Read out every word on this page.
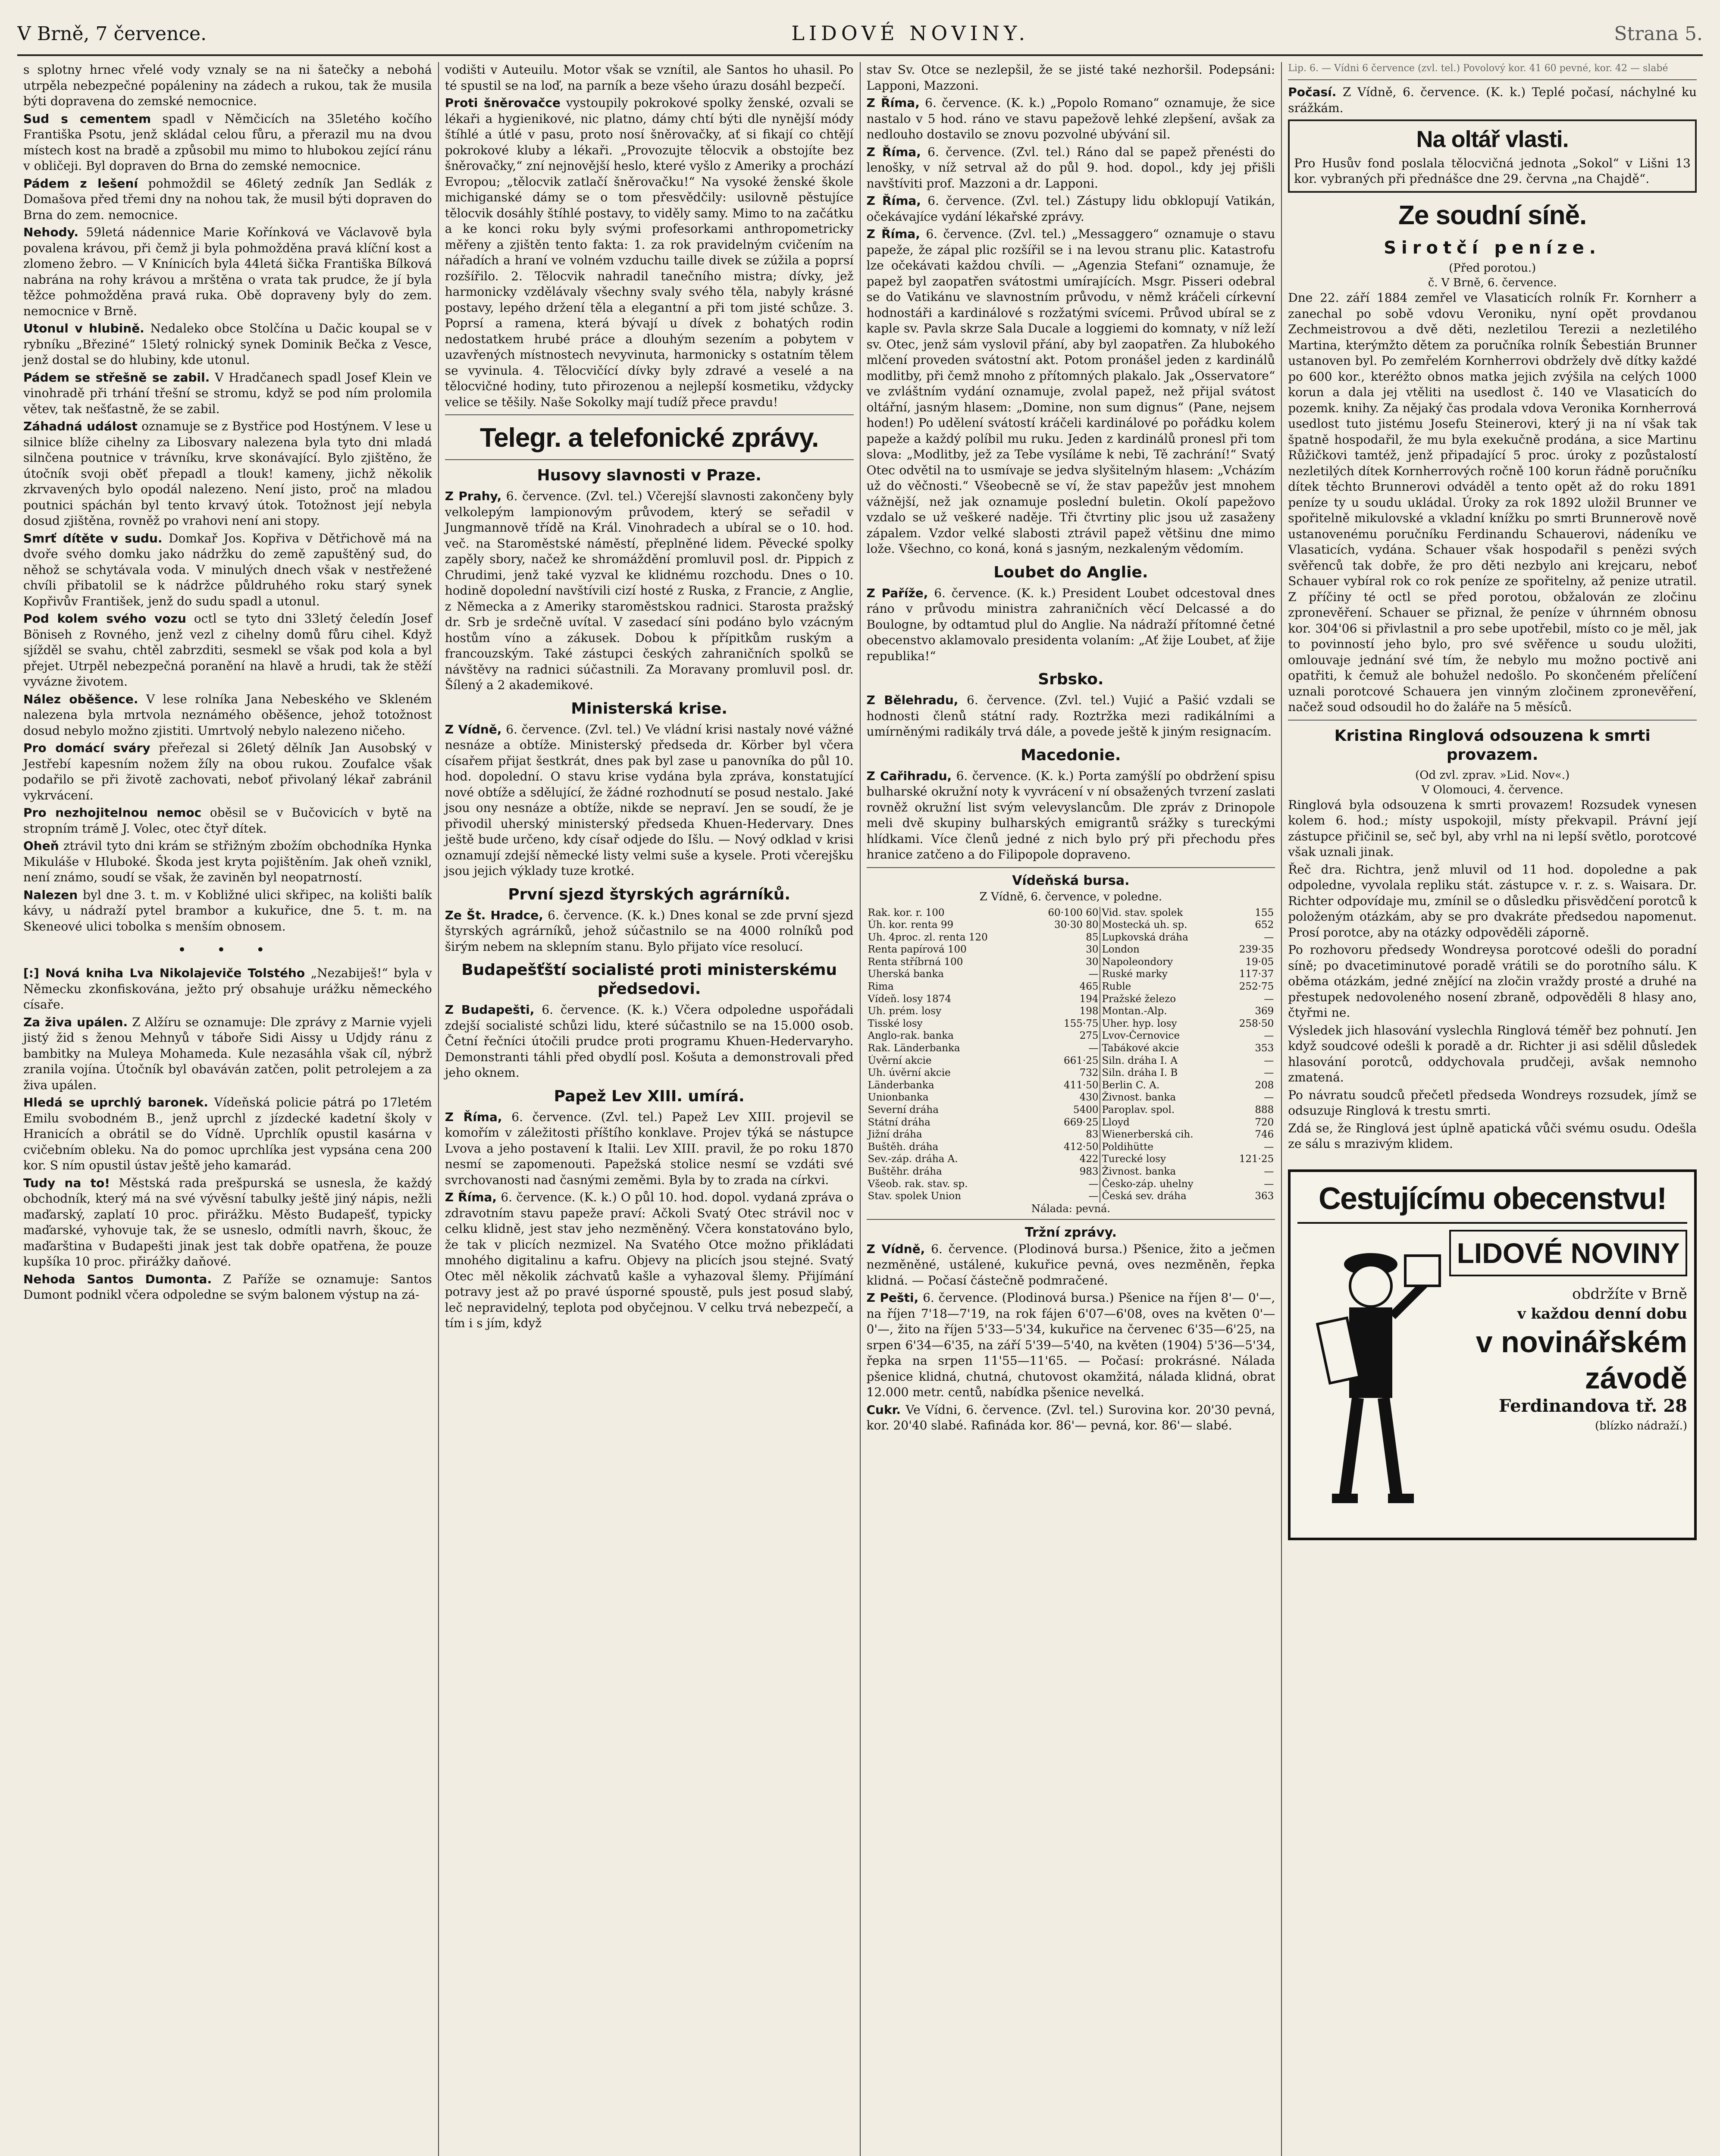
V Brně, 7 července.	LIDOVÉ NOVINY.	Strana 5.

s splotny hrnec vřelé vody vznaly se na ni šatečky a nebohá utrpěla nebezpečné popáleniny na zádech a rukou, tak že musila býti dopravena do zemské nemocnice.

Sud s cementem spadl v Němčicích na 35letého kočího Františka Psotu, jenž skládal celou fůru, a přerazil mu na dvou místech kost na bradě a způsobil mu mimo to hlubokou zející ránu v obličeji. Byl dopraven do Brna do zemské nemocnice.

Pádem z lešení pohmoždil se 46letý zedník Jan Sedlák z Domašova před třemi dny na nohou tak, že musil býti dopraven do Brna do zem. nemocnice.

Nehody. 59letá nádennice Marie Kořínková ve Václavově byla povalena krávou, při čemž ji byla pohmožděna pravá klíční kost a zlomeno žebro. — V Knínicích byla 44letá šička Františka Bílková nabrána na rohy krávou a mrštěna o vrata tak prudce, že jí byla těžce pohmožděna pravá ruka. Obě dopraveny byly do zem. nemocnice v Brně.

Utonul v hlubině. Nedaleko obce Stolčína u Dačic koupal se v rybníku „Březiné“ 15letý rolnický synek Dominik Bečka z Vesce, jenž dostal se do hlubiny, kde utonul.

Pádem se střešně se zabil. V Hradčanech spadl Josef Klein ve vinohradě při trhání třešní se stromu, když se pod ním prolomila větev, tak nešťastně, že se zabil.

Záhadná událost oznamuje se z Bystřice pod Hostýnem. V lese u silnice blíže cihelny za Libosvary nalezena byla tyto dni mladá silnčena poutnice v trávníku, krve skonávající. Bylo zjištěno, že útočník svoji oběť přepadl a tlouk! kameny, jichž několik zkrvavených bylo opodál nalezeno. Není jisto, proč na mladou poutnici spáchán byl tento krvavý útok. Totožnost její nebyla dosud zjištěna, rovněž po vrahovi není ani stopy.

Smrť dítěte v sudu. Domkař Jos. Kopřiva v Dětřichově má na dvoře svého domku jako nádržku do země zapuštěný sud, do něhož se schytávala voda. V minulých dnech však v nestřežené chvíli přibatolil se k nádržce půldruhého roku starý synek Kopřivův František, jenž do sudu spadl a utonul.

Pod kolem svého vozu octl se tyto dni 33letý čeledín Josef Böniseh z Rovného, jenž vezl z cihelny domů fůru cihel. Když sjížděl se svahu, chtěl zabrzditi, sesmekl se však pod kola a byl přejet. Utrpěl nebezpečná poranění na hlavě a hrudi, tak že stěží vyvázne životem.

Nález oběšence. V lese rolníka Jana Nebeského ve Skleném nalezena byla mrtvola neznámého oběšence, jehož totožnost dosud nebylo možno zjistiti. Umrtvolý nebylo nalezeno ničeho.

Pro domácí sváry přeřezal si 26letý dělník Jan Ausobský v Jestřebí kapesním nožem žíly na obou rukou. Zoufalce však podařilo se při životě zachovati, neboť přivolaný lékař zabránil vykrvácení.

Pro nezhojitelnou nemoc oběsil se v Bučovicích v bytě na stropním trámě J. Volec, otec čtyř dítek.

Oheň ztrávil tyto dni krám se střižným zbožím obchodníka Hynka Mikuláše v Hluboké. Škoda jest kryta pojištěním. Jak oheň vznikl, není známo, soudí se však, že zaviněn byl neopatrností.

Nalezen byl dne 3. t. m. v Kobližné ulici skřipec, na kolišti balík kávy, u nádraží pytel brambor a kukuřice, dne 5. t. m. na Skeneové ulici tobolka s menším obnosem.

• • •

[:] Nová kniha Lva Nikolajeviče Tolstého „Nezabiješ!“ byla v Německu zkonfiskována, ježto prý obsahuje urážku německého císaře.

Za živa upálen. Z Alžíru se oznamuje: Dle zprávy z Marnie vyjeli jistý žid s ženou Mehnyů v táboře Sidi Aissy u Udjdy ránu z bambitky na Muleya Mohameda. Kule nezasáhla však cíl, nýbrž zranila vojína. Útočník byl obaváván zatčen, polit petrolejem a za živa upálen.

Hledá se uprchlý baronek. Vídeňská policie pátrá po 17letém Emilu svobodném B., jenž uprchl z jízdecké kadetní školy v Hranicích a obrátil se do Vídně. Uprchlík opustil kasárna v cvičebním obleku. Na do pomoc uprchlíka jest vypsána cena 200 kor. S ním opustil ústav ještě jeho kamarád.

Tudy na to! Městská rada prešpurská se usnesla, že každý obchodník, který má na své vývěsní tabulky ještě jiný nápis, nežli maďarský, zaplatí 10 proc. přirážku. Město Budapešť, typicky maďarské, vyhovuje tak, že se usneslo, odmítli navrh, škouc, že maďarština v Budapešti jinak jest tak dobře opatřena, že pouze kupšíka 10 proc. přirážky daňové.

Nehoda Santos Dumonta. Z Paříže se oznamuje: Santos Dumont podnikl včera odpoledne se svým balonem výstup na zá-

vodišti v Auteuilu. Motor však se vznítil, ale Santos ho uhasil. Po té spustil se na loď, na parník a beze všeho úrazu dosáhl bezpečí.

Proti šněrovačce vystoupily pokrokové spolky ženské, ozvali se lékaři a hygienikové, nic platno, dámy chtí býti dle nynější módy štíhlé a útlé v pasu, proto nosí šněrovačky, ať si fikají co chtějí pokrokové kluby a lékaři. „Provozujte tělocvik a obstojíte bez šněrovačky,“ zní nejnovější heslo, které vyšlo z Ameriky a prochází Evropou; „tělocvik zatlačí šněrovačku!“ Na vysoké ženské škole michiganské dámy se o tom přesvědčily: usilovně pěstujíce tělocvik dosáhly štíhlé postavy, to viděly samy. Mimo to na začátku a ke konci roku byly svými profesorkami anthropometricky měřeny a zjištěn tento fakta: 1. za rok pravidelným cvičením na nářadích a hraní ve volném vzduchu taille divek se zúžila a poprsí rozšířilo. 2. Tělocvik nahradil tanečního mistra; dívky, jež harmonicky vzdělávaly všechny svaly svého těla, nabyly krásné postavy, lepého držení těla a elegantní a při tom jisté schůze. 3. Poprsí a ramena, která bývají u dívek z bohatých rodin nedostatkem hrubé práce a dlouhým sezením a pobytem v uzavřených místnostech nevyvinuta, harmonicky s ostatním tělem se vyvinula. 4. Tělocvičící dívky byly zdravé a veselé a na tělocvičné hodiny, tuto přirozenou a nejlepší kosmetiku, vždycky velice se těšily. Naše Sokolky mají tudíž přece pravdu!

Telegr. a telefonické zprávy.
Husovy slavnosti v Praze.

Z Prahy, 6. července. (Zvl. tel.) Včerejší slavnosti zakončeny byly velkolepým lampionovým průvodem, který se seřadil v Jungmannově třídě na Král. Vinohradech a ubíral se o 10. hod. več. na Staroměstské náměstí, přeplněné lidem. Pěvecké spolky zapěly sbory, načež ke shromáždění promluvil posl. dr. Pippich z Chrudimi, jenž také vyzval ke klidnému rozchodu. Dnes o 10. hodině dopolední navštívili cizí hosté z Ruska, z Francie, z Anglie, z Německa a z Ameriky staroměstskou radnici. Starosta pražský dr. Srb je srdečně uvítal. V zasedací síni podáno bylo vzácným hostům víno a zákusek. Dobou k přípitkům ruským a francouzským. Také zástupci českých zahraničních spolků se návštěvy na radnici súčastnili. Za Moravany promluvil posl. dr. Šílený a 2 akademikové.

Ministerská krise.

Z Vídně, 6. července. (Zvl. tel.) Ve vládní krisi nastaly nové vážné nesnáze a obtíže. Ministerský předseda dr. Körber byl včera císařem přijat šestkrát, dnes pak byl zase u panovníka do půl 10. hod. dopolední. O stavu krise vydána byla zpráva, konstatující nové obtíže a sdělující, že žádné rozhodnutí se posud nestalo. Jaké jsou ony nesnáze a obtíže, nikde se nepraví. Jen se soudí, že je přivodil uherský ministerský předseda Khuen-Hedervary. Dnes ještě bude určeno, kdy císař odjede do Išlu. — Nový odklad v krisi oznamují zdejší německé listy velmi suše a kysele. Proti včerejšku jsou jejich výklady tuze krotké.

První sjezd štyrských agrárníků.

Ze Št. Hradce, 6. července. (K. k.) Dnes konal se zde první sjezd štyrských agrárníků, jehož súčastnilo se na 4000 rolníků pod širým nebem na sklepním stanu. Bylo přijato více resolucí.

Budapešťští socialisté proti ministerskému předsedovi.

Z Budapešti, 6. července. (K. k.) Včera odpoledne uspořádali zdejší socialisté schůzi lidu, které súčastnilo se na 15.000 osob. Četní řečníci útočili prudce proti programu Khuen-Hedervaryho. Demonstranti táhli před obydlí posl. Košuta a demonstrovali před jeho oknem.

Papež Lev XIII. umírá.

Z Říma, 6. července. (Zvl. tel.) Papež Lev XIII. projevil se komořím v záležitosti příštího konklave. Projev týká se nástupce Lvova a jeho postavení k Italii. Lev XIII. pravil, že po roku 1870 nesmí se zapomenouti. Papežská stolice nesmí se vzdáti své svrchovanosti nad časnými zeměmi. Byla by to zrada na církvi.

Z Říma, 6. července. (K. k.) O půl 10. hod. dopol. vydaná zpráva o zdravotním stavu papeže praví: Ačkoli Svatý Otec strávil noc v celku klidně, jest stav jeho nezměněný. Včera konstatováno bylo, že tak v plicích nezmizel. Na Svatého Otce možno přikládati mnohého digitalinu a kafru. Objevy na plicích jsou stejné. Svatý Otec měl několik záchvatů kašle a vyhazoval šlemy. Přijímání potravy jest až po pravé úsporné spoustě, puls jest posud slabý, leč nepravidelný, teplota pod obyčejnou. V celku trvá nebezpečí, a tím i s jím, když

stav Sv. Otce se nezlepšil, že se jisté také nezhoršil. Podepsáni: Lapponi, Mazzoni.

Z Říma, 6. července. (K. k.) „Popolo Romano“ oznamuje, že sice nastalo v 5 hod. ráno ve stavu papežově lehké zlepšení, avšak za nedlouho dostavilo se znovu pozvolné ubývání sil.

Z Říma, 6. července. (Zvl. tel.) Ráno dal se papež přenésti do lenošky, v níž setrval až do půl 9. hod. dopol., kdy jej přišli navštíviti prof. Mazzoni a dr. Lapponi.

Z Říma, 6. července. (Zvl. tel.) Zástupy lidu obklopují Vatikán, očekávajíce vydání lékařské zprávy.

Z Říma, 6. července. (Zvl. tel.) „Messaggero“ oznamuje o stavu papeže, že zápal plic rozšířil se i na levou stranu plic. Katastrofu lze očekávati každou chvíli. — „Agenzia Stefani“ oznamuje, že papež byl zaopatřen svátostmi umírajících. Msgr. Pisseri odebral se do Vatikánu ve slavnostním průvodu, v němž kráčeli církevní hodnostáři a kardinálové s rozžatými svícemi. Průvod ubíral se z kaple sv. Pavla skrze Sala Ducale a loggiemi do komnaty, v níž leží sv. Otec, jenž sám vyslovil přání, aby byl zaopatřen. Za hlubokého mlčení proveden svátostní akt. Potom pronášel jeden z kardinálů modlitby, při čemž mnoho z přítomných plakalo. Jak „Osservatore“ ve zvláštním vydání oznamuje, zvolal papež, než přijal svátost oltářní, jasným hlasem: „Domine, non sum dignus“ (Pane, nejsem hoden!) Po udělení svátostí kráčeli kardinálové po pořádku kolem papeže a každý políbil mu ruku. Jeden z kardinálů pronesl při tom slova: „Modlitby, jež za Tebe vysíláme k nebi, Tě zachrání!“ Svatý Otec odvětil na to usmívaje se jedva slyšitelným hlasem: „Vcházím už do věčnosti.“ Všeobecně se ví, že stav papežův jest mnohem vážnější, než jak oznamuje poslední buletin. Okolí papežovo vzdalo se už veškeré naděje. Tři čtvrtiny plic jsou už zasaženy zápalem. Vzdor velké slabosti ztrávil papež většinu dne mimo lože. Všechno, co koná, koná s jasným, nezkaleným vědomím.

Loubet do Anglie.

Z Paříže, 6. července. (K. k.) President Loubet odcestoval dnes ráno v průvodu ministra zahraničních věcí Delcassé a do Boulogne, by odtamtud plul do Anglie. Na nádraží přítomné četné obecenstvo aklamovalo presidenta volaním: „Ať žije Loubet, ať žije republika!“

Srbsko.

Z Bělehradu, 6. července. (Zvl. tel.) Vujić a Pašić vzdali se hodnosti členů státní rady. Roztržka mezi radikálními a umírněnými radikály trvá dále, a povede ještě k jiným resignacím.

Macedonie.

Z Cařihradu, 6. července. (K. k.) Porta zamýšlí po obdržení spisu bulharské okružní noty k vyvrácení v ní obsažených tvrzení zaslati rovněž okružní list svým velevyslancům. Dle zpráv z Drinopole meli dvě skupiny bulharských emigrantů srážky s tureckými hlídkami. Více členů jedné z nich bylo prý při přechodu přes hranice zatčeno a do Filipopole dopraveno.

Vídeňská bursa.
Z Vídně, 6. července, v poledne.
Rak. kor. r. 100	60·100 60	Vid. stav. spolek	155
Úh. kor. renta 99	30·30 80	Mostecká uh. sp.	652
Uh. 4proc. zl. renta 120	85	Lupkovská dráha	—
Renta papírová 100	30	London	239·35
Renta stříbrná 100	30	Napoleondory	19·05
Uherská banka	—	Ruské marky	117·37
Rima	465	Ruble	252·75
Vídeň. losy 1874	194	Pražské železo	—
Uh. prém. losy	198	Montan.-Alp.	369
Tisské losy	155·75	Uher. hyp. losy	258·50
Anglo-rak. banka	275	Lvov-Černovice	—
Rak. Länderbanka	—	Tabákové akcie	353
Úvěrní akcie	661·25	Siln. dráha I. A	—
Uh. úvěrní akcie	732	Siln. dráha I. B	—
Länderbanka	411·50	Berlin C. A.	208
Unionbanka	430	Živnost. banka	—
Severní dráha	5400	Paroplav. spol.	888
Státní dráha	669·25	Lloyd	720
Jižní dráha	83	Wienerberská cih.	746
Buštěh. dráha	412·50	Poldihütte	—
Sev.-záp. dráha A.	422	Turecké losy	121·25
Buštěhr. dráha	983	Živnost. banka	—
Všeob. rak. stav. sp.	—	Česko-záp. uhelny	—
Stav. spolek Union	—	Česká sev. dráha	363
Nálada: pevná.
Tržní zprávy.

Z Vídně, 6. července. (Plodinová bursa.) Pšenice, žito a ječmen nezměněné, ustálené, kukuřice pevná, oves nezměněn, řepka klidná. — Počasí částečně podmračené.

Z Pešti, 6. července. (Plodinová bursa.) Pšenice na říjen 8'— 0'—, na říjen 7'18—7'19, na rok fájen 6'07—6'08, oves na květen 0'—0'—, žito na říjen 5'33—5'34, kukuřice na červenec 6'35—6'25, na srpen 6'34—6'35, na září 5'39—5'40, na květen (1904) 5'36—5'34, řepka na srpen 11'55—11'65. — Počasí: prokrásné. Nálada pšenice klidná, chutná, chutovost okamžitá, nálada klidná, obrat 12.000 metr. centů, nabídka pšenice nevelká.

Cukr. Ve Vídni, 6. července. (Zvl. tel.) Surovina kor. 20'30 pevná, kor. 20'40 slabé. Rafináda kor. 86'— pevná, kor. 86'— slabé.

Lip. 6. — Vídni 6 července (zvl. tel.) Povolový kor. 41 60 pevné, kor. 42 — slabé

Počasí. Z Vídně, 6. července. (K. k.) Teplé počasí, náchylné ku srážkám.

Na oltář vlasti.
Pro Husův fond poslala tělocvičná jednota „Sokol“ v Lišni 13 kor. vybraných při přednášce dne 29. června „na Chajdě“.
Ze soudní síně.
Sirotčí peníze.
(Před porotou.)
č. V Brně, 6. července.

Dne 22. září 1884 zemřel ve Vlasaticích rolník Fr. Kornherr a zanechal po sobě vdovu Veroniku, nyní opět provdanou Zechmeistrovou a dvě děti, nezletilou Terezii a nezletilého Martina, kterýmžto dětem za poručníka rolník Šebestián Brunner ustanoven byl. Po zemřelém Kornherrovi obdržely dvě dítky každé po 600 kor., kteréžto obnos matka jejich zvýšila na celých 1000 korun a dala jej vtěliti na usedlost č. 140 ve Vlasaticích do pozemk. knihy. Za nějaký čas prodala vdova Veronika Kornherrová usedlost tuto jistému Josefu Steinerovi, který ji na ní však tak špatně hospodařil, že mu byla exekučně prodána, a sice Martinu Růžičkovi tamtéž, jenž připadající 5 proc. úroky z pozůstalostí nezletilých dítek Kornherrových ročně 100 korun řádně poručníku dítek těchto Brunnerovi odváděl a tento opět až do roku 1891 peníze ty u soudu ukládal. Úroky za rok 1892 uložil Brunner ve spořitelně mikulovské a vkladní knížku po smrti Brunnerově nově ustanovenému poručníku Ferdinandu Schauerovi, nádeníku ve Vlasaticích, vydána. Schauer však hospodařil s penězi svých svěřenců tak dobře, že pro děti nezbylo ani krejcaru, neboť Schauer vybíral rok co rok peníze ze spořitelny, až penize utratil. Z příčiny té octl se před porotou, obžalován ze zločinu zpronevěření. Schauer se přiznal, že peníze v úhrnném obnosu kor. 304'06 si přivlastnil a pro sebe upotřebil, místo co je měl, jak to povinností jeho bylo, pro své svěřence u soudu uložiti, omlouvaje jednání své tím, že nebylo mu možno poctivě ani opatřiti, k čemuž ale bohužel nedošlo. Po skončeném přelíčení uznali porotcové Schauera jen vinným zločinem zpronevěření, načež soud odsoudil ho do žaláře na 5 měsíců.

Kristina Ringlová odsouzena k smrti provazem.
(Od zvl. zprav. »Lid. Nov«.)
V Olomouci, 4. července.

Ringlová byla odsouzena k smrti provazem! Rozsudek vynesen kolem 6. hod.; místy uspokojil, místy překvapil. Právní její zástupce přičinil se, seč byl, aby vrhl na ni lepší světlo, porotcové však uznali jinak.

Řeč dra. Richtra, jenž mluvil od 11 hod. dopoledne a pak odpoledne, vyvolala repliku stát. zástupce v. r. z. s. Waisara. Dr. Richter odpovídaje mu, zmínil se o důsledku přisvědčení porotců k položeným otázkám, aby se pro dvakráte předsedou napomenut. Prosí porotce, aby na otázky odpověděli záporně.

Po rozhovoru předsedy Wondreysa porotcové odešli do poradní síně; po dvacetiminutové poradě vrátili se do porotního sálu. K oběma otázkám, jedné znějící na zločin vraždy prosté a druhé na přestupek nedovoleného nosení zbraně, odpověděli 8 hlasy ano, čtyřmi ne.

Výsledek jich hlasování vyslechla Ringlová téměř bez pohnutí. Jen když soudcové odešli k poradě a dr. Richter ji asi sdělil důsledek hlasování porotců, oddychovala prudčeji, avšak nemnoho zmatená.

Po návratu soudců přečetl předseda Wondreys rozsudek, jímž se odsuzuje Ringlová k trestu smrti.

Zdá se, že Ringlová jest úplně apatická vůči svému osudu. Odešla ze sálu s mrazivým klidem.

Cestujícímu obecenstvu!
LIDOVÉ NOVINY
obdržíte v Brně
v každou denní dobu
v novinářském
závodě
Ferdinandova tř. 28
(blízko nádraží.)
